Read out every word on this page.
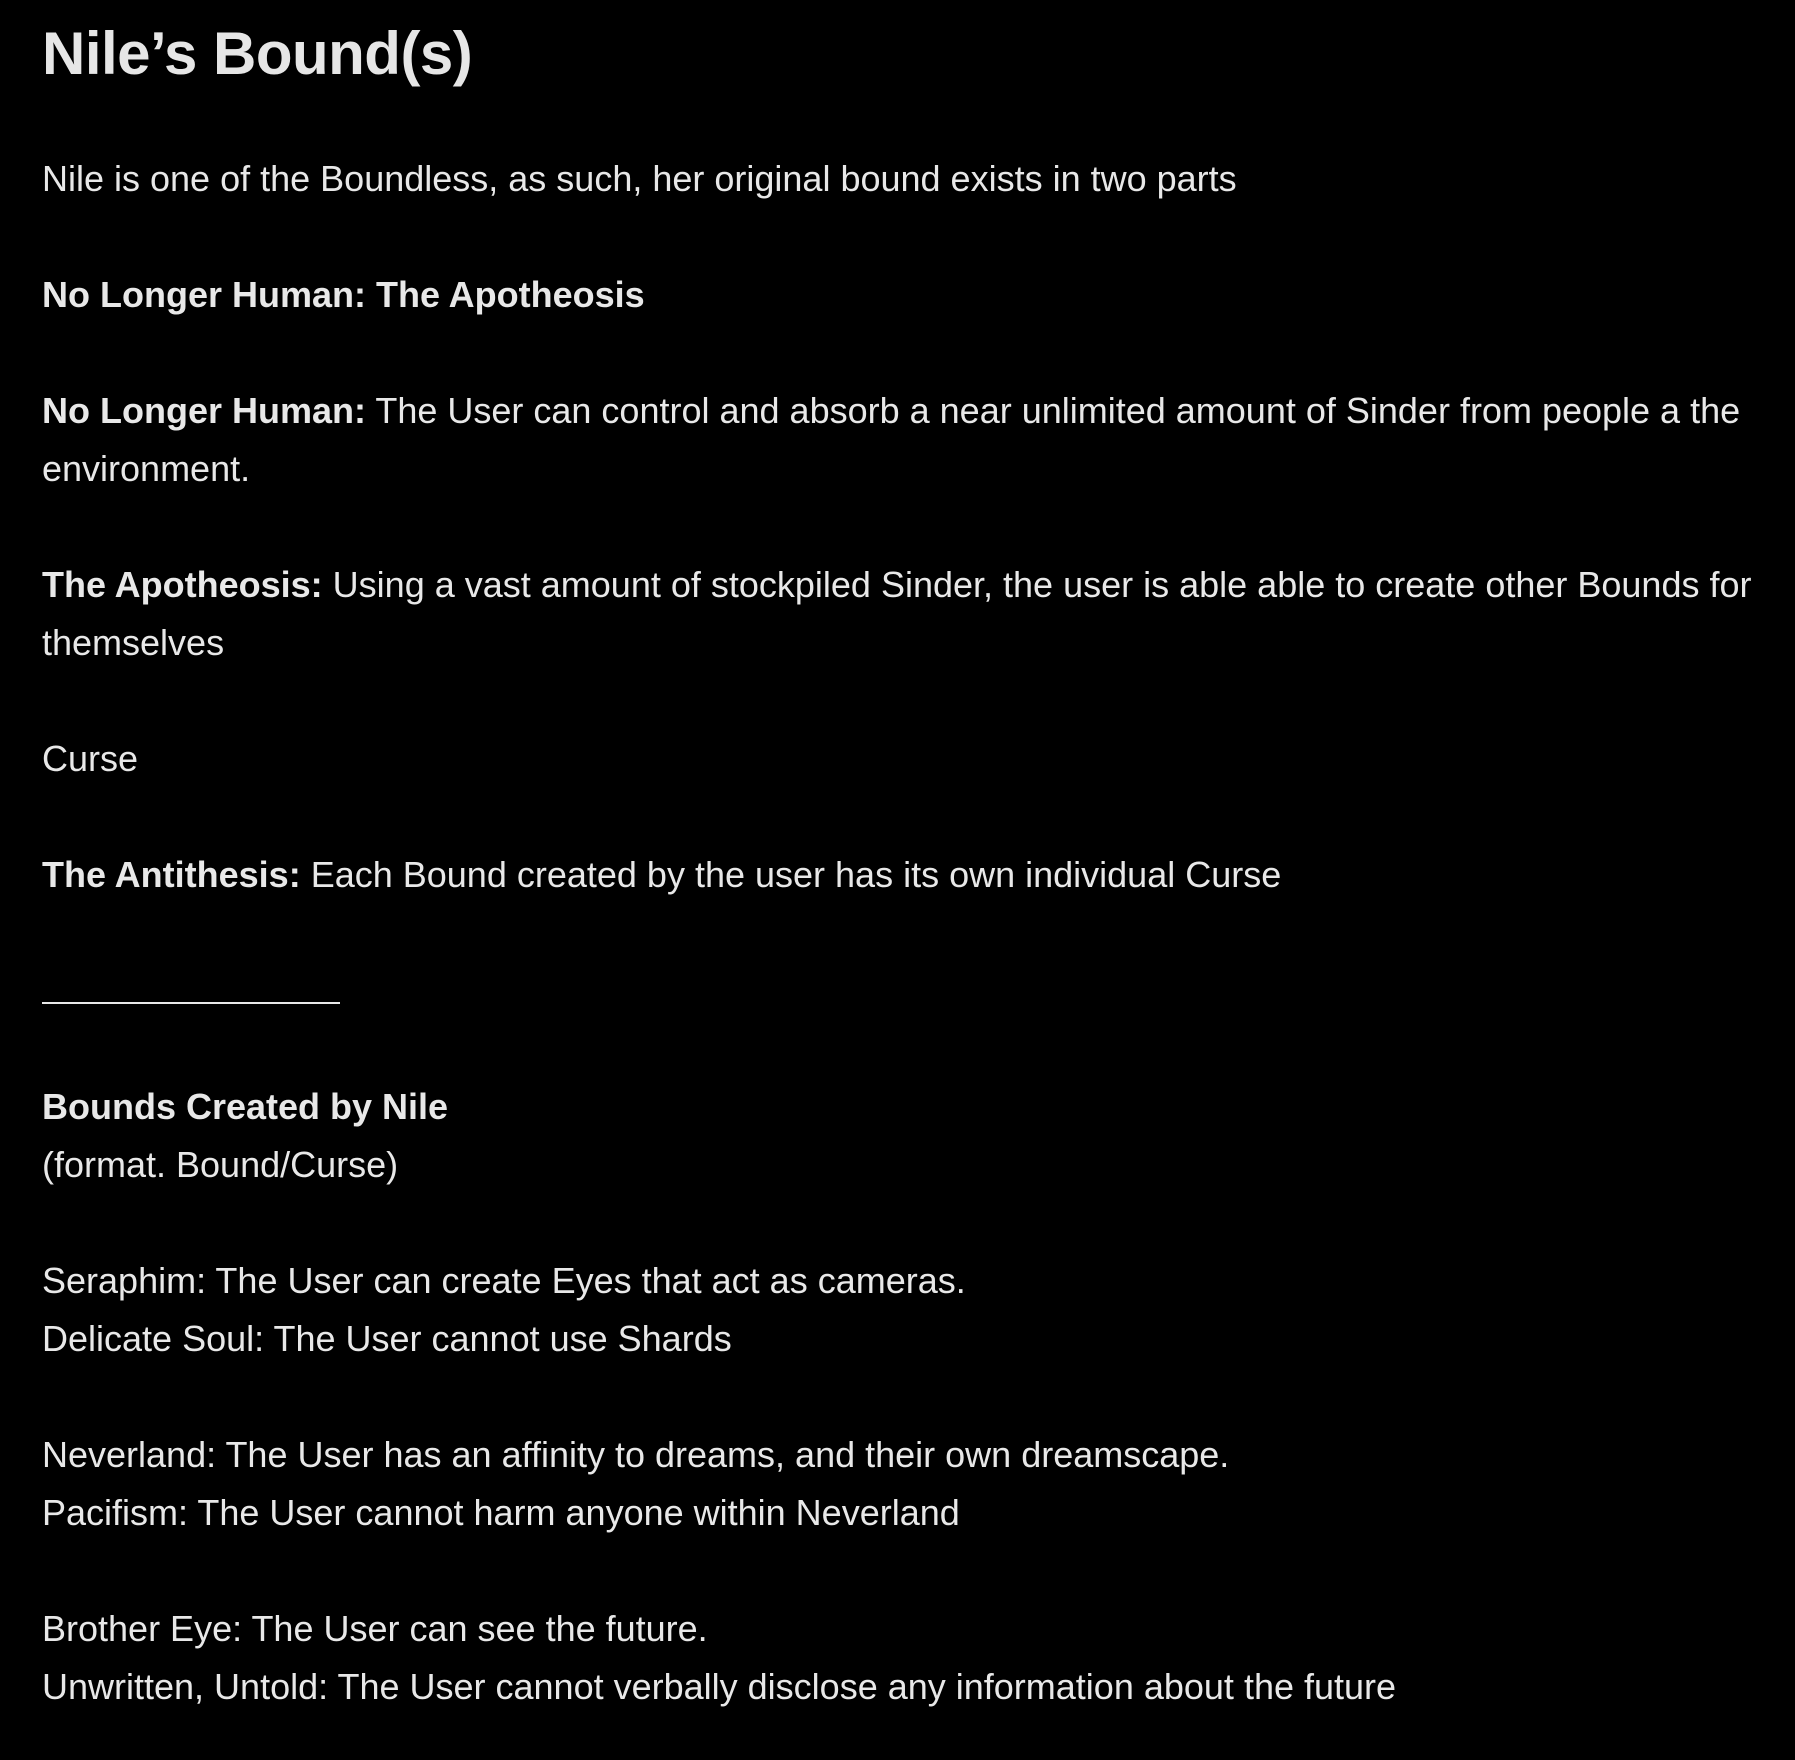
Nile’s Bound(s)

Nile is one of the Boundless, as such, her original bound exists in two parts

No Longer Human: The Apotheosis

No Longer Human: The User can control and absorb a near unlimited amount of Sinder from people a the environment.

The Apotheosis: Using a vast amount of stockpiled Sinder, the user is able able to create other Bounds for themselves

Curse

The Antithesis: Each Bound created by the user has its own individual Curse

Bounds Created by Nile

(format. Bound/Curse)

Seraphim: The User can create Eyes that act as cameras.

Delicate Soul: The User cannot use Shards

Neverland: The User has an affinity to dreams, and their own dreamscape.

Pacifism: The User cannot harm anyone within Neverland

Brother Eye: The User can see the future.

Unwritten, Untold: The User cannot verbally disclose any information about the future
